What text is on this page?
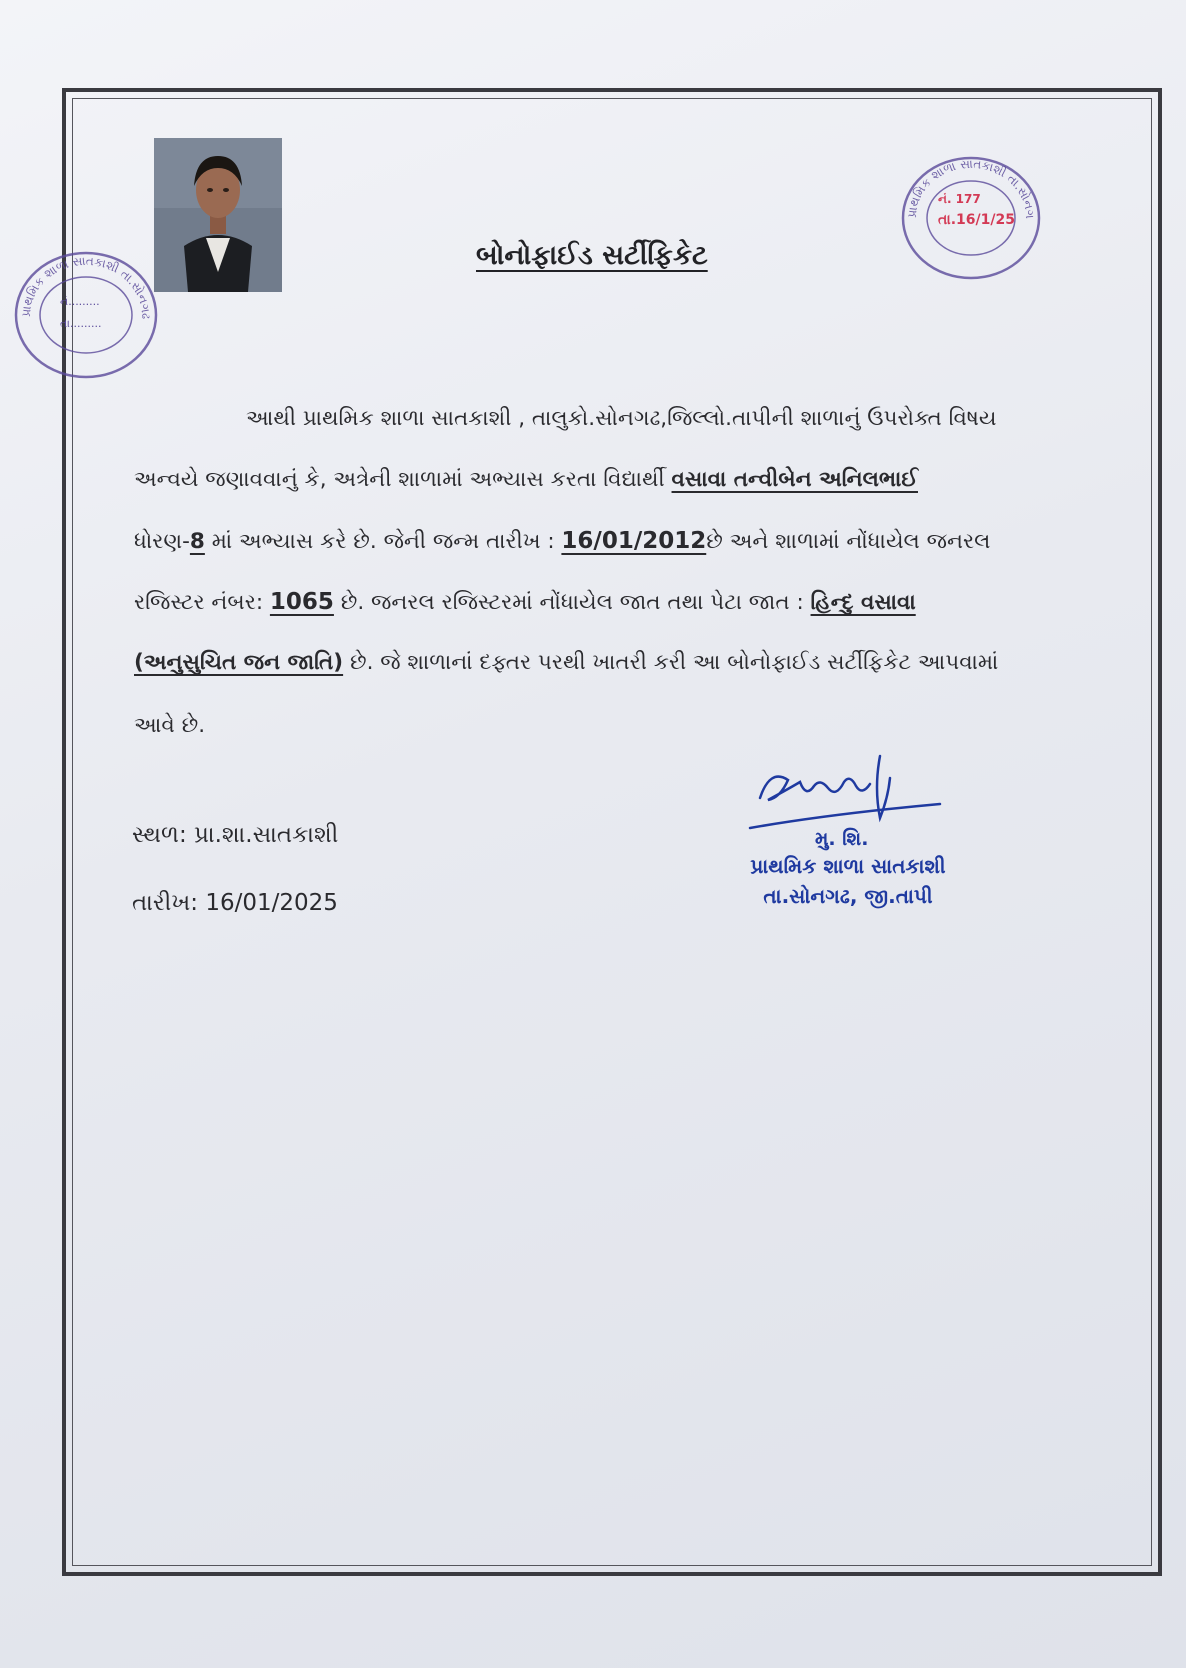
પ્રાથમિક શાળા સાતકાશી તા.સોનગઢ
નં.........
તા.........
પ્રાથમિક શાળા સાતકાશી તા.સોનગ
નં. 177
તા.16/1/25
બોનોફાઈડ સર્ટીફિકેટ
આથી પ્રાથમિક શાળા સાતકાશી , તાલુકો.સોનગઢ,જિલ્લો.તાપીની શાળાનું ઉપરોક્ત વિષય
અન્વયે જણાવવાનું કે, અત્રેની શાળામાં અભ્યાસ કરતા વિદ્યાર્થી વસાવા તન્વીબેન અનિલભાઈ
ધોરણ-8 માં અભ્યાસ કરે છે. જેની જન્મ તારીખ : 16/01/2012છે અને શાળામાં નોંધાયેલ જનરલ
રજિસ્ટર નંબર: 1065 છે. જનરલ રજિસ્ટરમાં નોંધાયેલ જાત તથા પેટા જાત : હિન્દુ વસાવા
(અનુસુચિત જન જાતિ) છે. જે શાળાનાં દફ્તર પરથી ખાતરી કરી આ બોનોફાઈડ સર્ટીફિકેટ આપવામાં
આવે છે.
સ્થળ: પ્રા.શા.સાતકાશી
તારીખ: 16/01/2025
મુ. શિ.
પ્રાથમિક શાળા સાતકાશી
તા.સોનગઢ, જી.તાપી
